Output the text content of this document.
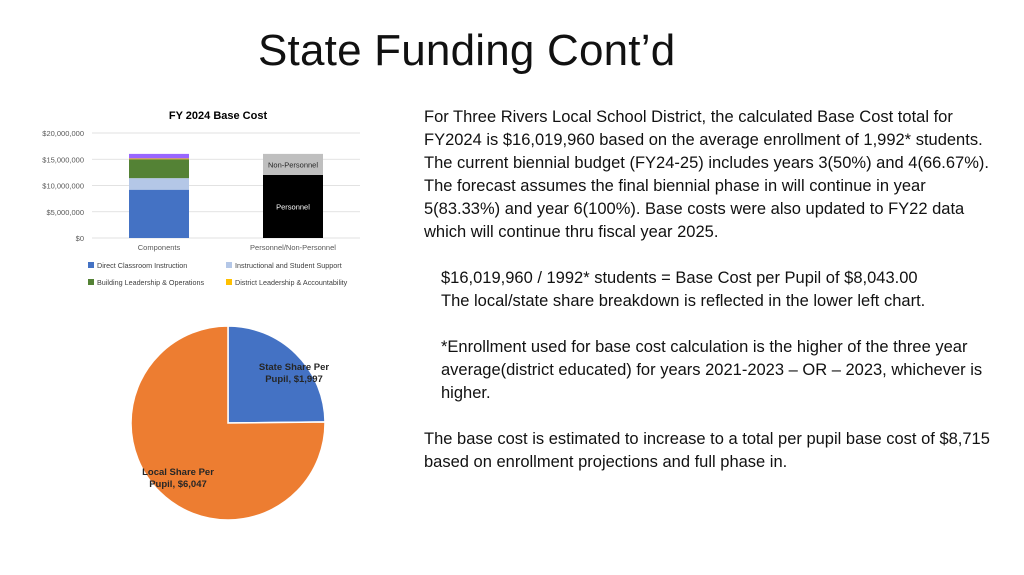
State Funding Cont’d
FY 2024 Base Cost
$0
$5,000,000
$10,000,000
$15,000,000
$20,000,000
Components
Personnel
Non-Personnel
Personnel/Non-Personnel
Direct Classroom Instruction	Instructional and Student Support
Building Leadership & Operations	District Leadership & Accountability
State Share Per
Pupil, $1,997
Local Share Per
Pupil, $6,047

For Three Rivers Local School District, the calculated Base Cost total for FY2024 is $16,019,960 based on the average enrollment of 1,992* students. The current biennial budget (FY24-25) includes years 3(50%) and 4(66.67%). The forecast assumes the final biennial phase in will continue in year 5(83.33%) and year 6(100%). Base costs were also updated to FY22 data which will continue thru fiscal year 2025.

$16,019,960 / 1992* students = Base Cost per Pupil of $8,043.00

The local/state share breakdown is reflected in the lower left chart.

*Enrollment used for base cost calculation is the higher of the three year average(district educated) for years 2021-2023 – OR – 2023, whichever is higher.

The base cost is estimated to increase to a total per pupil base cost of $8,715 based on enrollment projections and full phase in.
